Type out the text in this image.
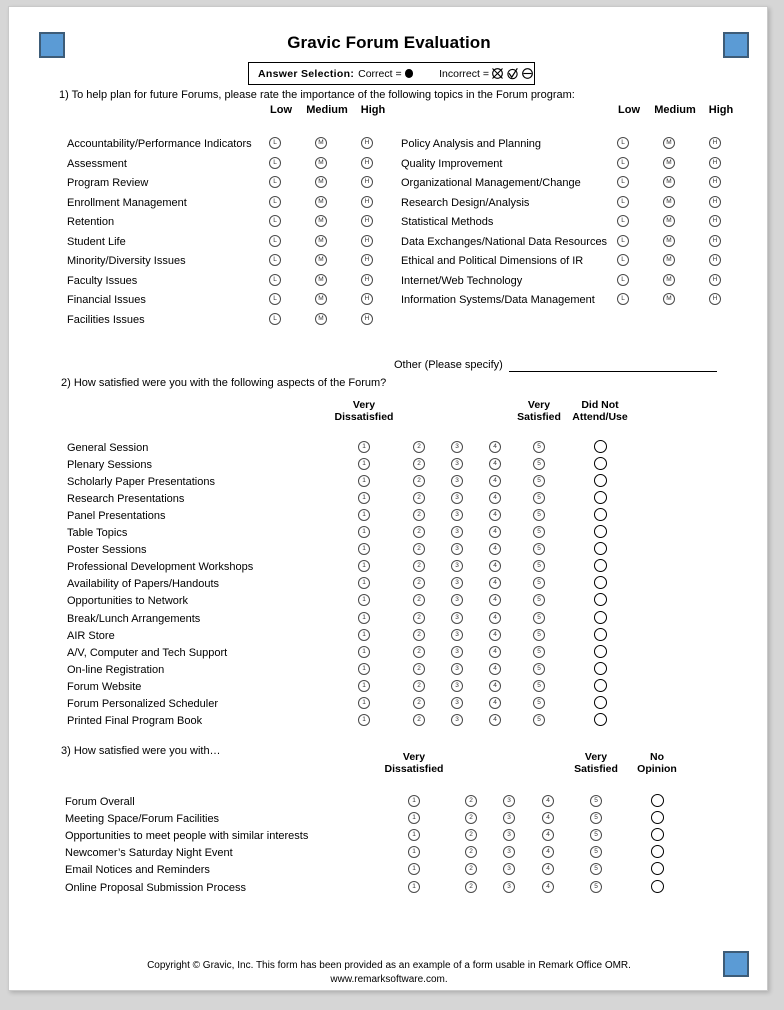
Gravic Forum Evaluation
Answer Selection: Correct =	Incorrect =
1) To help plan for future Forums, please rate the importance of the following topics in the Forum program:
Low	Low
Medium	Medium
High	High
Accountability/Performance Indicators	L	M	H
Assessment	L	M	H
Program Review	L	M	H
Enrollment Management	L	M	H
Retention	L	M	H
Student Life	L	M	H
Minority/Diversity Issues	L	M	H
Faculty Issues	L	M	H
Financial Issues	L	M	H
Facilities Issues	L	M	H
Policy Analysis and Planning	L	M	H
Quality Improvement	L	M	H
Organizational Management/Change	L	M	H
Research Design/Analysis	L	M	H
Statistical Methods	L	M	H
Data Exchanges/National Data Resources	L	M	H
Ethical and Political Dimensions of IR	L	M	H
Internet/Web Technology	L	M	H
Information Systems/Data Management	L	M	H
Other (Please specify)
2) How satisfied were you with the following aspects of the Forum?
Very
Dissatisfied
Very
Satisfied
Did Not
Attend/Use
General Session	1	2	3	4	5
Plenary Sessions	1	2	3	4	5
Scholarly Paper Presentations	1	2	3	4	5
Research Presentations	1	2	3	4	5
Panel Presentations	1	2	3	4	5
Table Topics	1	2	3	4	5
Poster Sessions	1	2	3	4	5
Professional Development Workshops	1	2	3	4	5
Availability of Papers/Handouts	1	2	3	4	5
Opportunities to Network	1	2	3	4	5
Break/Lunch Arrangements	1	2	3	4	5
AIR Store	1	2	3	4	5
A/V, Computer and Tech Support	1	2	3	4	5
On-line Registration	1	2	3	4	5
Forum Website	1	2	3	4	5
Forum Personalized Scheduler	1	2	3	4	5
Printed Final Program Book	1	2	3	4	5
3) How satisfied were you with…	Very
Dissatisfied
Very
Satisfied
No
Opinion
Forum Overall	1	2	3	4	5
Meeting Space/Forum Facilities	1	2	3	4	5
Opportunities to meet people with similar interests	1	2	3	4	5
Newcomer’s Saturday Night Event	1	2	3	4	5
Email Notices and Reminders	1	2	3	4	5
Online Proposal Submission Process	1	2	3	4	5
Copyright © Gravic, Inc. This form has been provided as an example of a form usable in Remark Office OMR.
www.remarksoftware.com.
